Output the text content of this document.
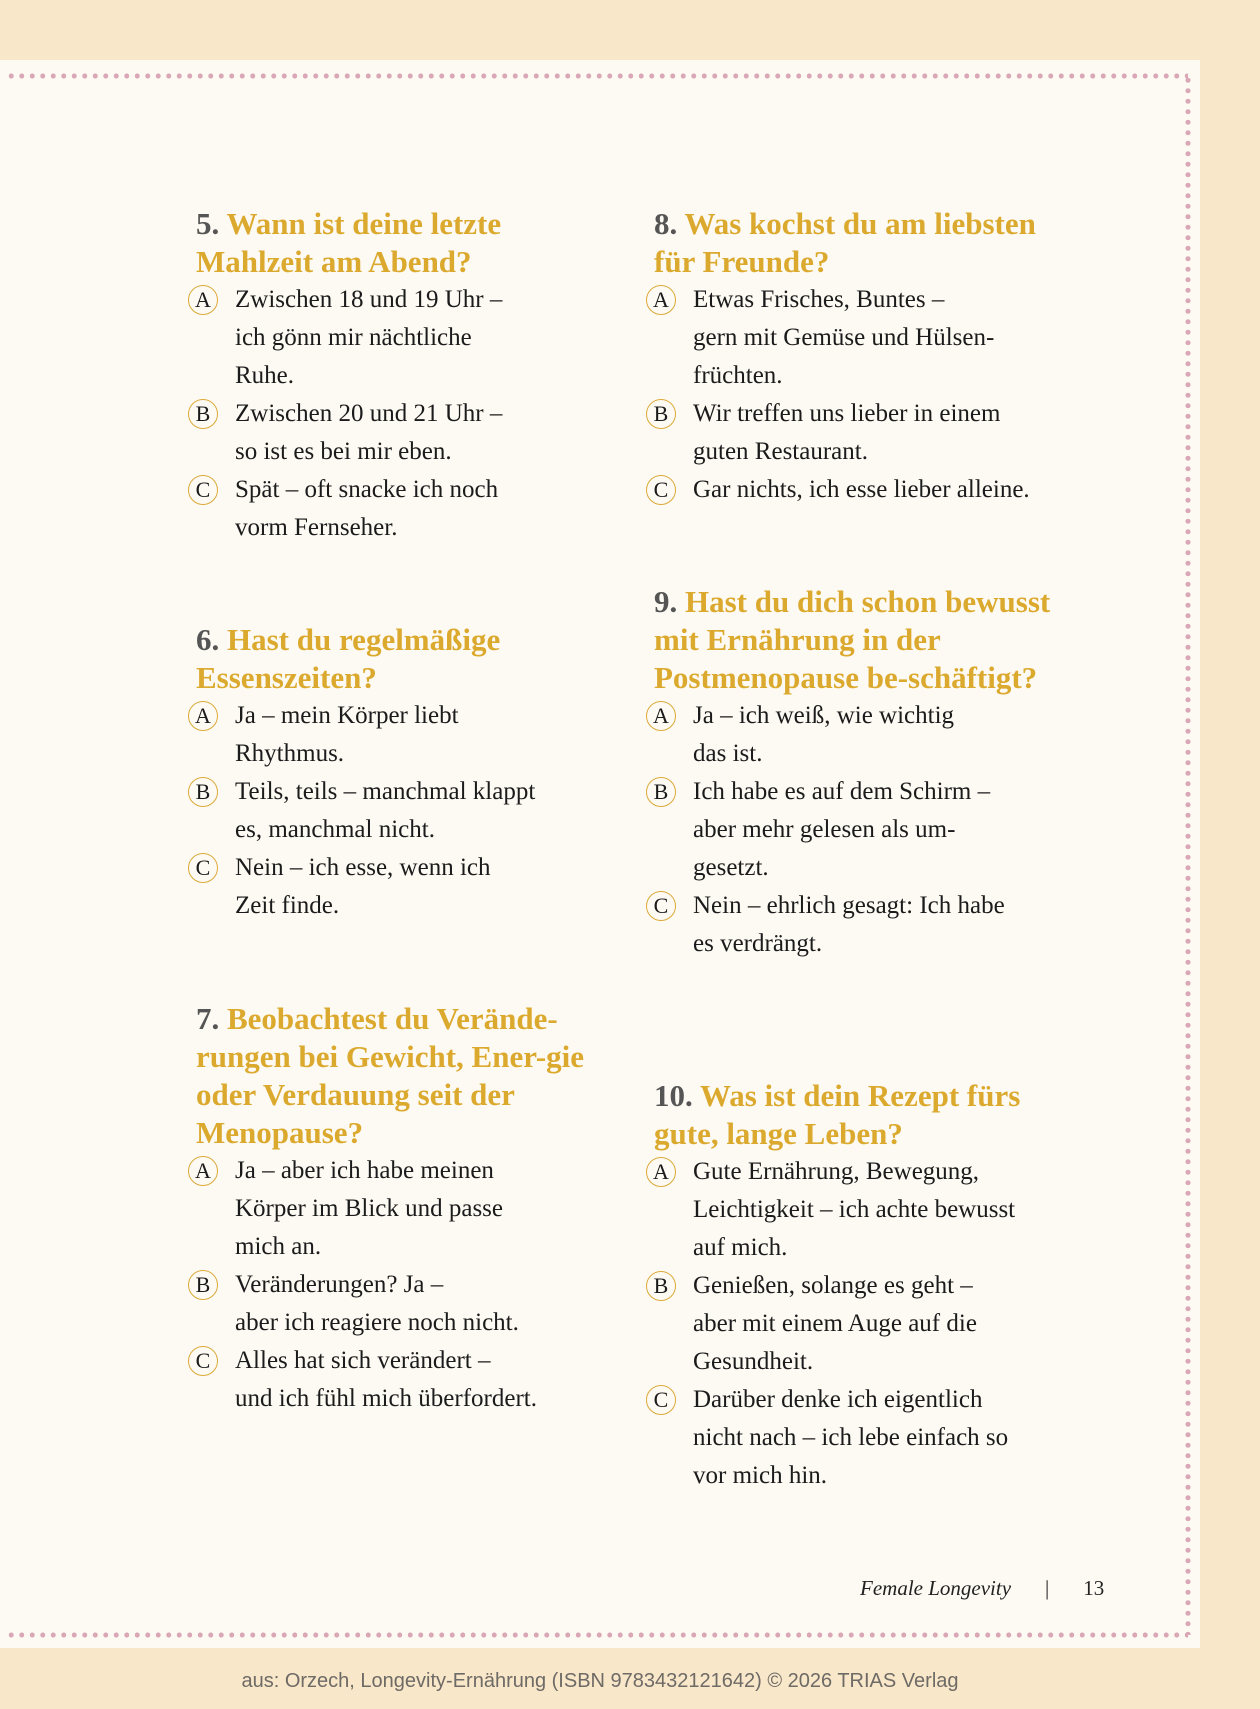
5. Wann ist deine letzte Mahlzeit am Abend?
A Zwischen 18 und 19 Uhr –
ich gönn mir nächtliche
Ruhe.
B Zwischen 20 und 21 Uhr –
so ist es bei mir eben.
C Spät – oft snacke ich noch
vorm Fernseher.
6. Hast du regelmäßige Essenszeiten?
A Ja – mein Körper liebt
Rhythmus.
B Teils, teils – manchmal klappt
es, manchmal nicht.
C Nein – ich esse, wenn ich
Zeit finde.
7. Beobachtest du Verände-rungen bei Gewicht, Ener-gie oder Verdauung seit der Menopause?
A Ja – aber ich habe meinen
Körper im Blick und passe
mich an.
B Veränderungen? Ja –
aber ich reagiere noch nicht.
C Alles hat sich verändert –
und ich fühl mich überfordert.
8. Was kochst du am liebsten für Freunde?
A Etwas Frisches, Buntes –
gern mit Gemüse und Hülsen-
früchten.
B Wir treffen uns lieber in einem
guten Restaurant.
C Gar nichts, ich esse lieber alleine.
9. Hast du dich schon bewusst mit Ernährung in der Postmenopause be-schäftigt?
A Ja – ich weiß, wie wichtig
das ist.
B Ich habe es auf dem Schirm –
aber mehr gelesen als um-
gesetzt.
C Nein – ehrlich gesagt: Ich habe
es verdrängt.
10. Was ist dein Rezept fürs gute, lange Leben?
A Gute Ernährung, Bewegung,
Leichtigkeit – ich achte bewusst
auf mich.
B Genießen, solange es geht –
aber mit einem Auge auf die
Gesundheit.
C Darüber denke ich eigentlich
nicht nach – ich lebe einfach so
vor mich hin.
Female Longevity | 13
aus: Orzech, Longevity-Ernährung (ISBN 9783432121642) © 2026 TRIAS Verlag
